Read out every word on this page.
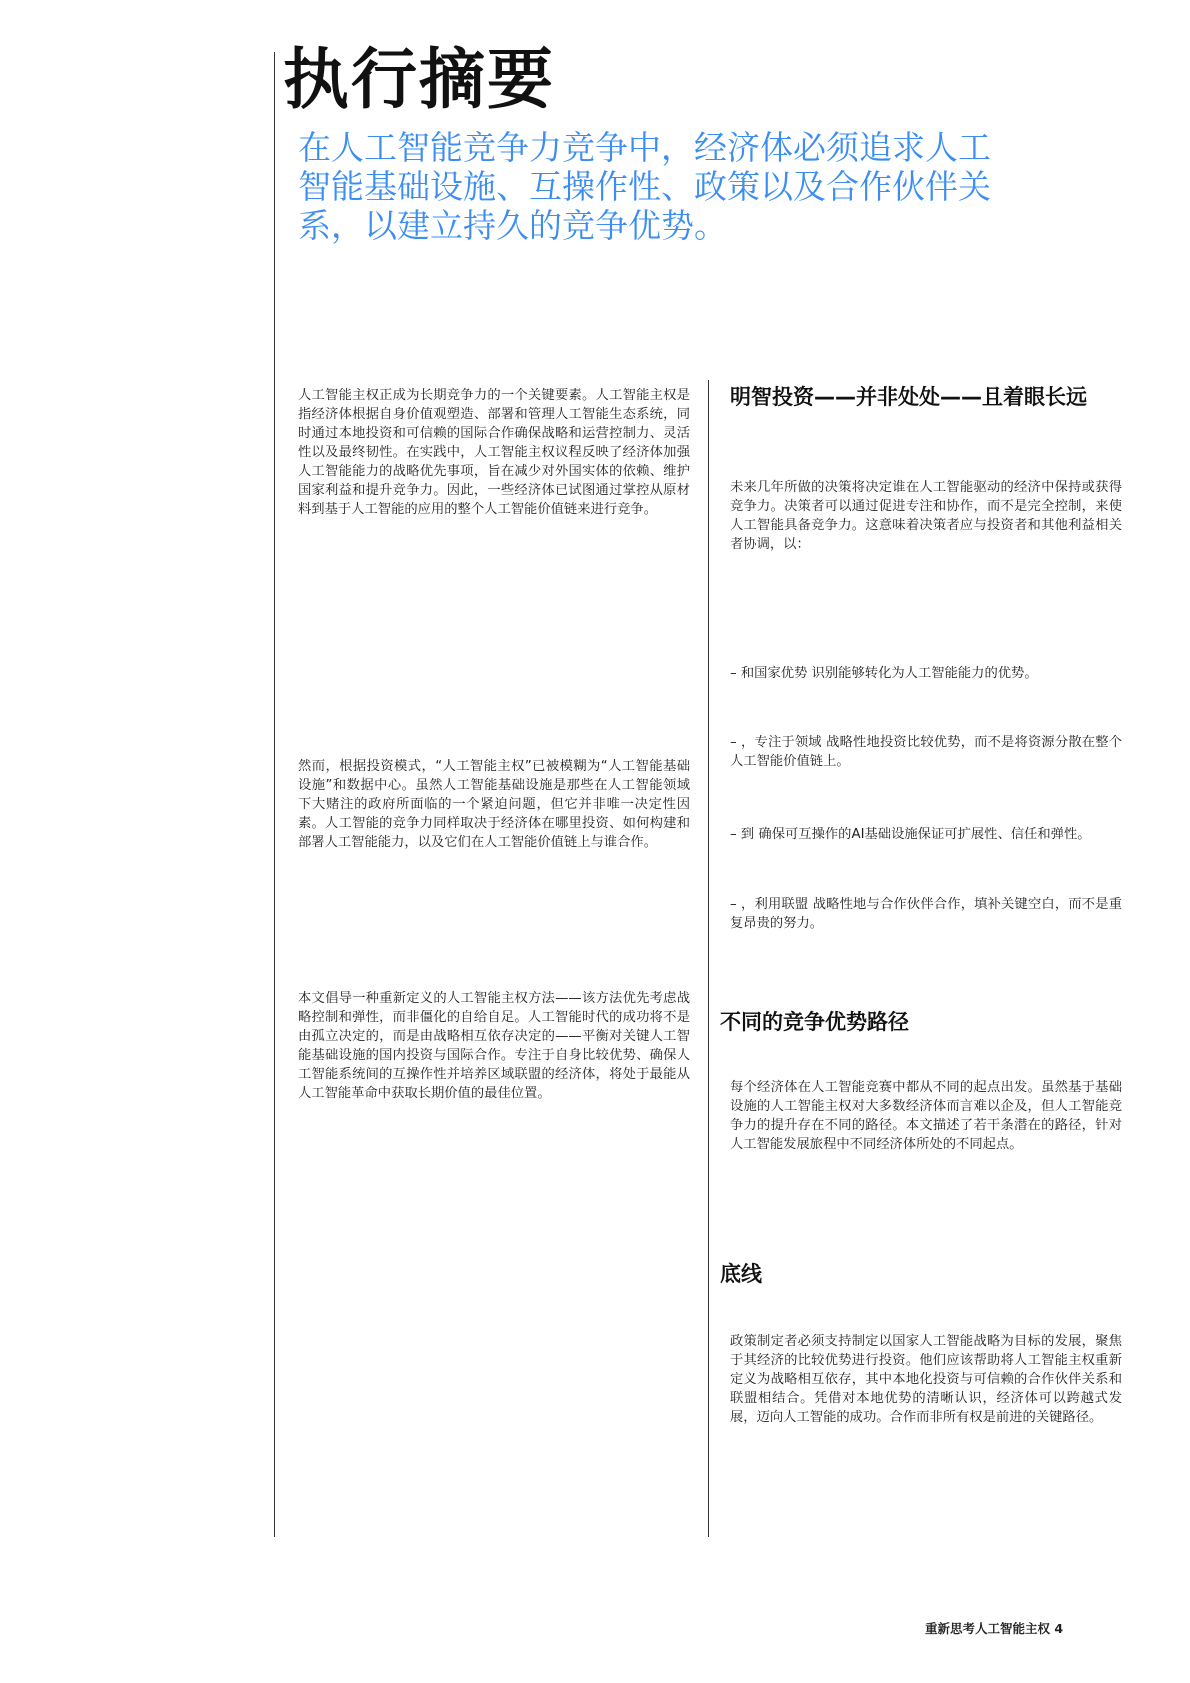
执行摘要
在人工智能竞争力竞争中，经济体必须追求人工智能基础设施、互操作性、政策以及合作伙伴关系，以建立持久的竞争优势。

人工智能主权正成为长期竞争力的一个关键要素。人工智能主权是指经济体根据自身价值观塑造、部署和管理人工智能生态系统，同时通过本地投资和可信赖的国际合作确保战略和运营控制力、灵活性以及最终韧性。在实践中，人工智能主权议程反映了经济体加强人工智能能力的战略优先事项，旨在减少对外国实体的依赖、维护国家利益和提升竞争力。因此，一些经济体已试图通过掌控从原材料到基于人工智能的应用的整个人工智能价值链来进行竞争。

然而，根据投资模式，“人工智能主权”已被模糊为“人工智能基础设施”和数据中心。虽然人工智能基础设施是那些在人工智能领域下大赌注的政府所面临的一个紧迫问题，但它并非唯一决定性因素。人工智能的竞争力同样取决于经济体在哪里投资、如何构建和部署人工智能能力，以及它们在人工智能价值链上与谁合作。

本文倡导一种重新定义的人工智能主权方法——该方法优先考虑战略控制和弹性，而非僵化的自给自足。人工智能时代的成功将不是由孤立决定的，而是由战略相互依存决定的——平衡对关键人工智能基础设施的国内投资与国际合作。专注于自身比较优势、确保人工智能系统间的互操作性并培养区域联盟的经济体，将处于最能从人工智能革命中获取长期价值的最佳位置。

明智投资——并非处处——且着眼长远

未来几年所做的决策将决定谁在人工智能驱动的经济中保持或获得竞争力。决策者可以通过促进专注和协作，而不是完全控制，来使人工智能具备竞争力。这意味着决策者应与投资者和其他利益相关者协调，以：

– 和国家优势 识别能够转化为人工智能能力的优势。

– ，专注于领域 战略性地投资比较优势，而不是将资源分散在整个人工智能价值链上。

– 到 确保可互操作的AI基础设施保证可扩展性、信任和弹性。

– ，利用联盟 战略性地与合作伙伴合作，填补关键空白，而不是重复昂贵的努力。

不同的竞争优势路径

每个经济体在人工智能竞赛中都从不同的起点出发。虽然基于基础设施的人工智能主权对大多数经济体而言难以企及，但人工智能竞争力的提升存在不同的路径。本文描述了若干条潜在的路径，针对人工智能发展旅程中不同经济体所处的不同起点。

底线

政策制定者必须支持制定以国家人工智能战略为目标的发展，聚焦于其经济的比较优势进行投资。他们应该帮助将人工智能主权重新定义为战略相互依存，其中本地化投资与可信赖的合作伙伴关系和联盟相结合。凭借对本地优势的清晰认识，经济体可以跨越式发展，迈向人工智能的成功。合作而非所有权是前进的关键路径。

重新思考人工智能主权 4
